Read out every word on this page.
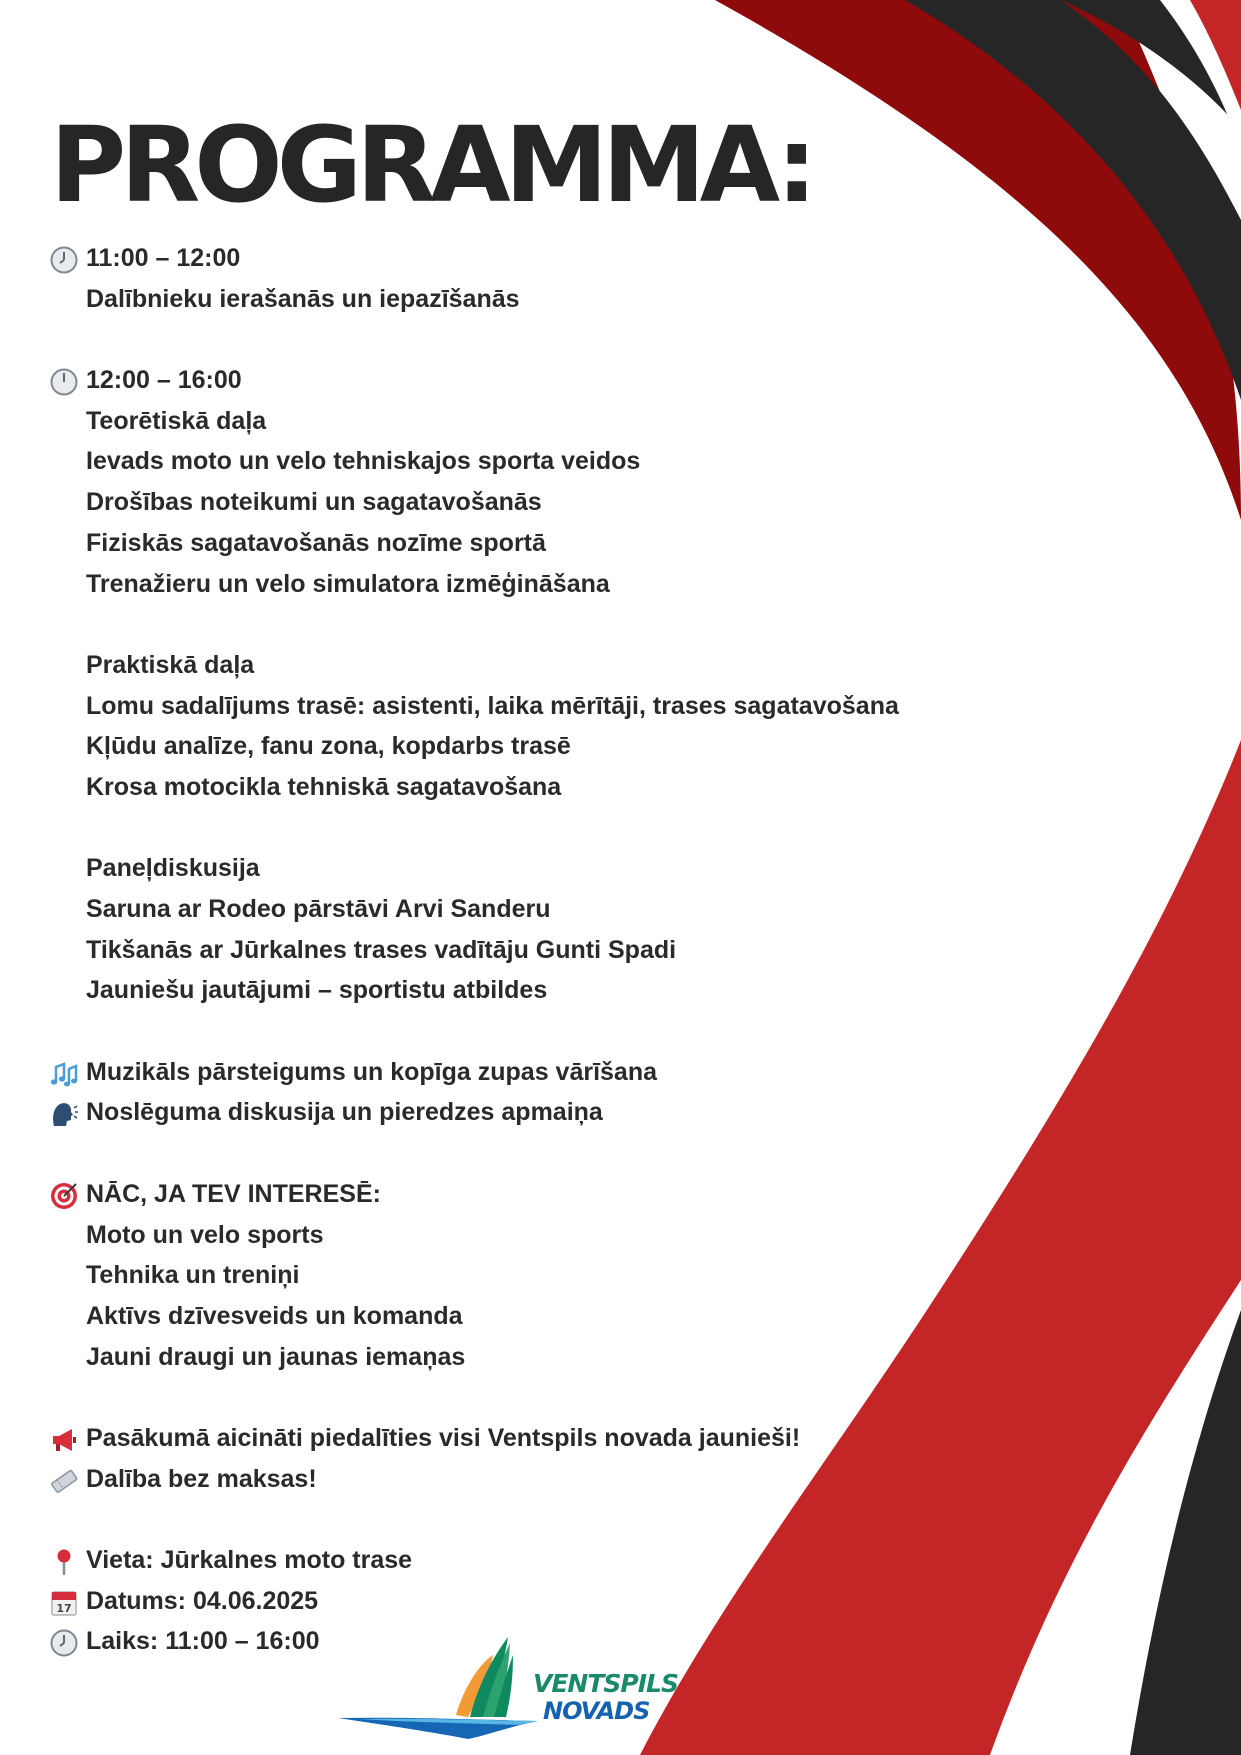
PROGRAMMA:
11:00 – 12:00
Dalībnieku ierašanās un iepazīšanās
12:00 – 16:00
Teorētiskā daļa
Ievads moto un velo tehniskajos sporta veidos
Drošības noteikumi un sagatavošanās
Fiziskās sagatavošanās nozīme sportā
Trenažieru un velo simulatora izmēģināšana
Praktiskā daļa
Lomu sadalījums trasē: asistenti, laika mērītāji, trases sagatavošana
Kļūdu analīze, fanu zona, kopdarbs trasē
Krosa motocikla tehniskā sagatavošana
Paneļdiskusija
Saruna ar Rodeo pārstāvi Arvi Sanderu
Tikšanās ar Jūrkalnes trases vadītāju Gunti Spadi
Jauniešu jautājumi – sportistu atbildes
Muzikāls pārsteigums un kopīga zupas vārīšana
Noslēguma diskusija un pieredzes apmaiņa
NĀC, JA TEV INTERESĒ:
Moto un velo sports
Tehnika un treniņi
Aktīvs dzīvesveids un komanda
Jauni draugi un jaunas iemaņas
Pasākumā aicināti piedalīties visi Ventspils novada jaunieši!
Dalība bez maksas!
Vieta: Jūrkalnes moto trase
17 Datums: 04.06.2025
Laiks: 11:00 – 16:00
VENTSPILS
NOVADS
